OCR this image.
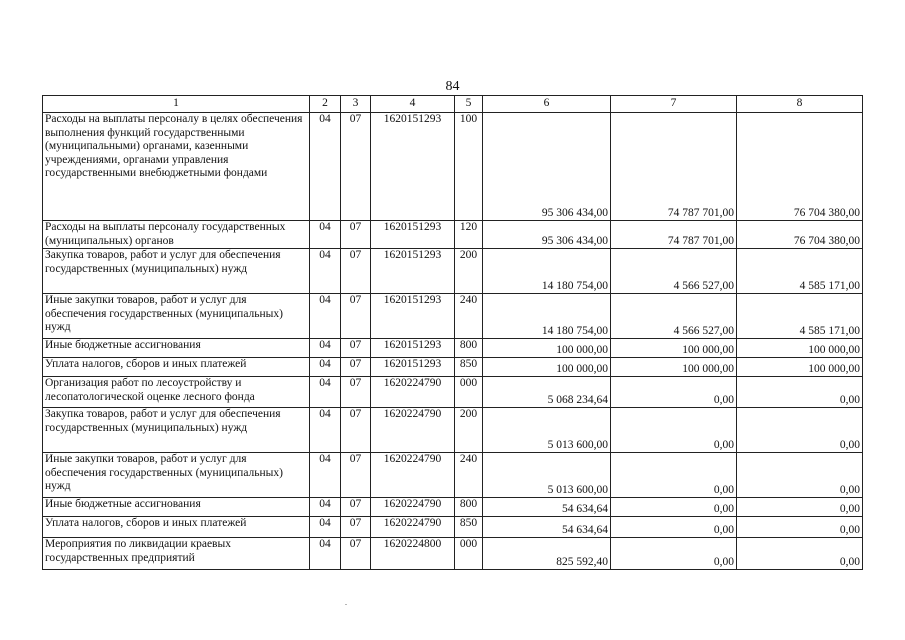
84
1	2	3	4	5	6	7	8
Расходы на выплаты персоналу в целях обеспечения выполнения функций государственными (муниципальными) органами, казенными учреждениями, органами управления государственными внебюджетными фондами	04	07	1620151293	100	95 306 434,00	74 787 701,00	76 704 380,00
Расходы на выплаты персоналу государственных (муниципальных) органов	04	07	1620151293	120	95 306 434,00	74 787 701,00	76 704 380,00
Закупка товаров, работ и услуг для обеспечения государственных (муниципальных) нужд	04	07	1620151293	200	14 180 754,00	4 566 527,00	4 585 171,00
Иные закупки товаров, работ и услуг для обеспечения государственных (муниципальных) нужд	04	07	1620151293	240	14 180 754,00	4 566 527,00	4 585 171,00
Иные бюджетные ассигнования	04	07	1620151293	800	100 000,00	100 000,00	100 000,00
Уплата налогов, сборов и иных платежей	04	07	1620151293	850	100 000,00	100 000,00	100 000,00
Организация работ по лесоустройству и лесопатологической оценке лесного фонда	04	07	1620224790	000	5 068 234,64	0,00	0,00
Закупка товаров, работ и услуг для обеспечения государственных (муниципальных) нужд	04	07	1620224790	200	5 013 600,00	0,00	0,00
Иные закупки товаров, работ и услуг для обеспечения государственных (муниципальных) нужд	04	07	1620224790	240	5 013 600,00	0,00	0,00
Иные бюджетные ассигнования	04	07	1620224790	800	54 634,64	0,00	0,00
Уплата налогов, сборов и иных платежей	04	07	1620224790	850	54 634,64	0,00	0,00
Мероприятия по ликвидации краевых государственных предприятий	04	07	1620224800	000	825 592,40	0,00	0,00
